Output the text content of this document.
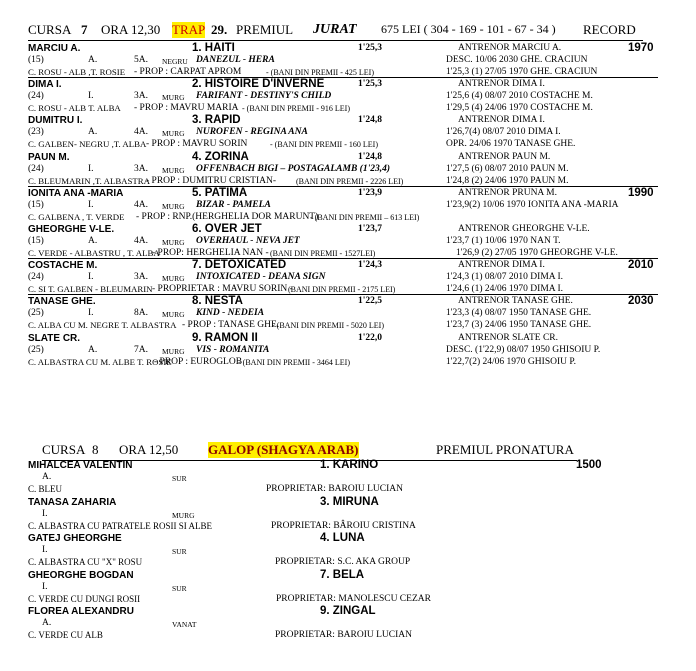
CURSA 7 ORA 12,30 TRAP 29. PREMIUL JURAT 675 LEI ( 304 - 169 - 101 - 67 - 34 ) RECORD
MARCIU A.	1. HAITI	1'25,3	ANTRENOR MARCIU A.	1970
(15)	A.	5A. NEGRU DANEZUL - HERA	DESC. 10/06 2030 GHE. CRACIUN
C. ROSU - ALB ,T. ROSIE - PROP : CARPAT APROM	- (BANI DIN PREMII - 425 LEI)	1'25,3 (1) 27/05 1970 GHE. CRACIUN
DIMA I.	2. HISTOIRE D'INVERNE	1'25,3	ANTRENOR DIMA I.
(24)	I.	3A. MURG FARIFANT - DESTINY'S CHILD	1'25,6 (4) 08/07 2010 COSTACHE M.
C. ROSU - ALB T. ALBA - PROP : MAVRU MARIA - (BANI DIN PREMII - 916 LEI)	1'29,5 (4) 24/06 1970 COSTACHE M.
DUMITRU I.	3. RAPID	1'24,8	ANTRENOR DIMA I.
(23)	A.	4A. MURG NUROFEN - REGINA ANA	1'26,7(4) 08/07 2010 DIMA I.
C. GALBEN- NEGRU ,T. ALBA - PROP : MAVRU SORIN	- (BANI DIN PREMII - 160 LEI)	OPR. 24/06 1970 TANASE GHE.
PAUN M.	4. ZORINA	1'24,8	ANTRENOR PAUN M.
(24)	I.	3A. MURG OFFENBACH BIGI – POSTAGALAMB (1'23,4)	1'27,5 (6) 08/07 2010 PAUN M.
C. BLEUMARIN ,T. ALBASTRA
- PROP : DUMITRU CRISTIAN- (BANI DIN PREMII - 2226 LEI)	1'24,8 (2) 24/06 1970 PAUN M.
IONITA ANA -MARIA	5. PATIMA	1'23,9	ANTRENOR PRUNA M.	1990
(15)	I.	4A. MURG BIZAR - PAMELA	1'23,9(2) 10/06 1970 IONITA ANA -MARIA
C. GALBENA , T. VERDE - PROP : RNP.(HERGHELIA DOR MARUNT)
- (BANI DIN PREMII – 613 LEI)
GHEORGHE V-LE.	6. OVER JET	1'23,7	ANTRENOR GHEORGHE V-LE.
(15)	A.	4A. MURG OVERHAUL - NEVA JET	1'23,7 (1) 10/06 1970 NAN T.
C. VERDE - ALBASTRU , T. ALBA
- PROP: HERGHELIA NAN - (BANI DIN PREMII - 1527LEI)	1'26,9 (2) 27/05 1970 GHEORGHE V-LE.
COSTACHE M.	7. DETOXICATED	1'24,3	ANTRENOR DIMA I.	2010
(24)	I.	3A. MURG INTOXICATED - DEANA SIGN	1'24,3 (1) 08/07 2010 DIMA I.
C. SI T. GALBEN - BLEUMARIN - PROPRIETAR : MAVRU SORIN -
(BANI DIN PREMII - 2175 LEI)	1'24,6 (1) 24/06 1970 DIMA I.
TANASE GHE.	8. NESTA	1'22,5	ANTRENOR TANASE GHE.	2030
(25)	I.	8A. MURG KIND - NEDEIA	1'23,3 (4) 08/07 1950 TANASE GHE.
C. ALBA CU M. NEGRE T. ALBASTRA - PROP : TANASE GHE.
- (BANI DIN PREMII - 5020 LEI)	1'23,7 (3) 24/06 1950 TANASE GHE.
SLATE CR.	9. RAMON II	1'22,0	ANTRENOR SLATE CR.
(25)	A.	7A. MURG VIS - ROMANITA	DESC. (1'22,9) 08/07 1950 GHISOIU P.
C. ALBASTRA CU M. ALBE T. ROSIE
- PROP : EUROGLOB
- (BANI DIN PREMII - 3464 LEI)	1'22,7(2) 24/06 1970 GHISOIU P.
CURSA 8 ORA 12,50 GALOP (SHAGYA ARAB)	PREMIUL PRONATURA
MIHALCEA VALENTIN	1. KARINO	1500
A.	SUR
C. BLEU	PROPRIETAR: BAROIU LUCIAN
TANASA ZAHARIA	3. MIRUNA
I.	MURG
C. ALBASTRA CU PATRATELE ROSII SI ALBE	PROPRIETAR: BÂROIU CRISTINA
GATEJ GHEORGHE	4. LUNA
I.	SUR
C. ALBASTRA CU "X" ROSU	PROPRIETAR: S.C. AKA GROUP
GHEORGHE BOGDAN	7. BELA
I.	SUR
C. VERDE CU DUNGI ROSII	PROPRIETAR: MANOLESCU CEZAR
FLOREA ALEXANDRU	9. ZINGAL
A.	VANAT
C. VERDE CU ALB	PROPRIETAR: BAROIU LUCIAN
